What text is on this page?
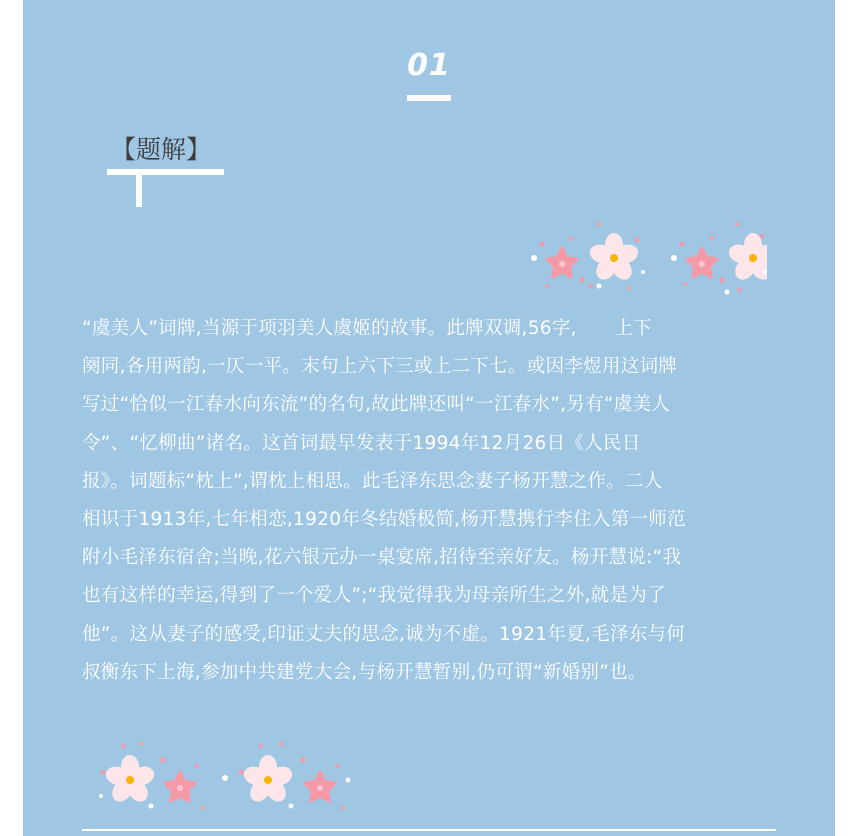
01
【题解】

“虞美人”词牌,当源于项羽美人虞姬的故事。此牌双调,56字,　　上下
阕同,各用两韵,一仄一平。末句上六下三或上二下七。或因李煜用这词牌
写过“恰似一江春水向东流”的名句,故此牌还叫“一江春水”,另有“虞美人
令”、“忆柳曲”诸名。这首词最早发表于1994年12月26日《人民日
报》。词题标“枕上”,谓枕上相思。此毛泽东思念妻子杨开慧之作。二人
相识于1913年,七年相恋,1920年冬结婚极简,杨开慧携行李住入第一师范
附小毛泽东宿舍;当晚,花六银元办一桌宴席,招待至亲好友。杨开慧说:“我
也有这样的幸运,得到了一个爱人”;“我觉得我为母亲所生之外,就是为了
他”。这从妻子的感受,印证丈夫的思念,诚为不虚。1921年夏,毛泽东与何
叔衡东下上海,参加中共建党大会,与杨开慧暂别,仍可谓“新婚别”也。
